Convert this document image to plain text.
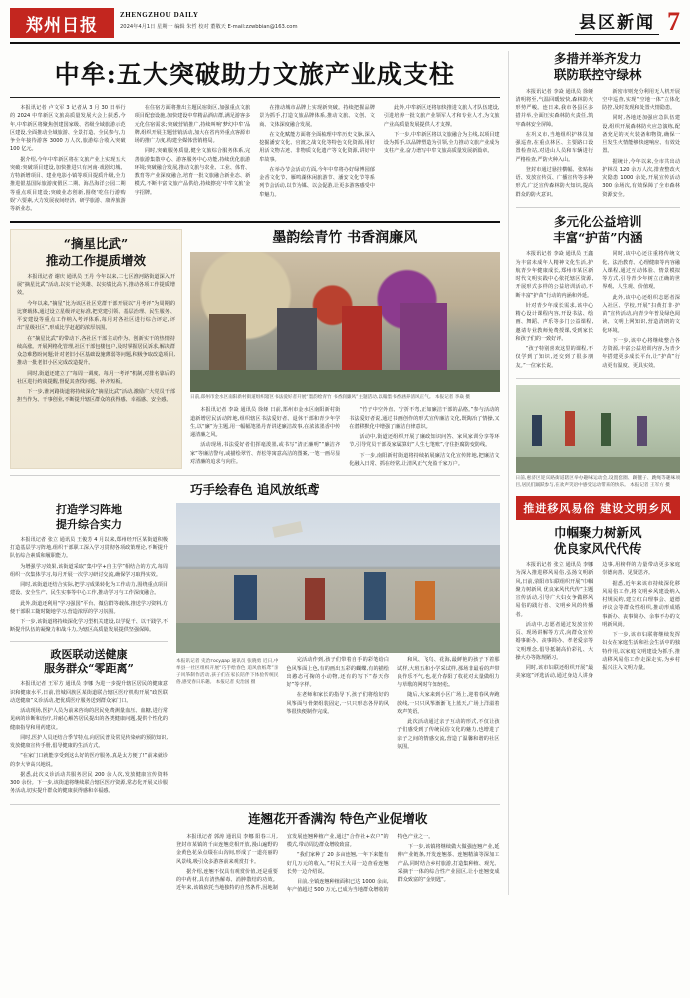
郑州日报
ZHENGZHOU DAILY
2024年4月1日 星期一 编辑 朱哲 校对 董敬天 E-mail:zzwbbian@163.com	县区新闻 7
中牟:五大突破助力文旅产业成支柱

本报讯记者 卢文军 3 记者从 3 月 30 日举行的 2024 中牟新区文旅高质量发展大会上获悉,今年,中牟新区将聚焦创建国家级、省级全域旅游示范区建设,全面推动全域旅游、全景打造、全民参与,力争全年接待游客 3000 万人次,旅游综合收入突破 100 亿元。

据介绍,今年中牟新区将在文旅产业上实现五大突破:突破项目建设,加快推进只有河南·戏剧幻城、方特新增项目、建业电影小镇等项目提质升级,全力推进银基国际旅游度假区二期、海昌海洋公园二期等重点项目建设;突破业态创新,围绕‘吃住行游购娱’六要素,大力发展夜间经济、研学旅游、康养旅游等新业态。

在住宿方面将推出主题民宿街区,加强重点文旅项目配套设施,加快建设中牟精品酒店群,满足游客多元化住宿需求;突破营销推广,持续叫响‘梦幻中牟’品牌,组织开展主题营销活动,加大在省内外重点客源市场的推广力度,构建全媒体营销格局。

同时,突破服务质量,健全文旅综合服务体系,完善旅游集散中心、游客服务中心功能,持续优化旅游环境;突破融合发展,推动文旅与农业、工业、体育、教育等产业深度融合,培育一批文旅融合新业态、新模式,不断丰富文旅产品供给,持续擦亮‘中牟文旅’金字招牌。

在推动城市品牌上实现新突破。持续把握品牌景为抓手,打造文旅品牌体系,推动文旅、文创、文商、文体深度融合发展。

在文化赋能方面将全面梳理中牟历史文脉,深入挖掘潘安文化、官渡之战文化等特色文化资源,用好用活文物古迹、非物质文化遗产等文化资源,讲好中牟故事。

在举办节会活动方面,今年中牟将办好绿博园郁金香文化节、雁鸣湖休闲旅游节、潘安文化节等系列节会活动,以节为媒、以会促游,让更多游客感受中牟魅力。

此外,中牟新区还将加快推进文旅人才队伍建设,引进培养一批文旅产业领军人才和专业人才,为文旅产业高质量发展提供人才支撑。

下一步,中牟新区将以文旅融合为主线,以项目建设为抓手,以品牌塑造为引领,全力推动文旅产业成为支柱产业,奋力谱写中牟文旅高质量发展新篇章。

“摘星比武”
推动工作提质增效

本报讯记者 谢庆 通讯员 王丹 今年以来,二七区淮河路街道深入开展“摘星比武”活动,以实干论英雄、以实绩比高下,推动各项工作提质增效。

今年以来,“摘星”比为该区社区党群干部开展以“月考评”为周期的比赛载体,通过设立星级评定标准,把党建引领、基层治理、民生服务、平安建设等重点工作纳入考评体系,每月对各社区进行综合评定,评出“星级社区”,形成比学赶超的浓厚氛围。

在“摘星比武”的带动下,各社区干部主动作为、创新实干的热情持续高涨。开展网格化管理,社区干部包楼包户,及时掌握居民诉求,解决群众急难愁盼问题;针对老旧小区基础设施薄弱等问题,积极争取改造项目,推动一批老旧小区完成改造提升。

同时,街道还建立了“每周一调度、每月一考评”机制,对排名靠后的社区进行约谈提醒,督促其查找问题、补齐短板。

下一步,淮河路街道将持续深化“摘星比武”活动,激励广大党员干部担当作为、干事创业,不断提升辖区群众的获得感、幸福感、安全感。

墨韵绘青竹 书香润廉风
日前,郑州市金水区南阳新村街道组织辖区书法爱好者开展“墨韵绘青竹 书香润廉风”主题活动,以翰墨书香涵养清风正气。 本报记者 李焱 摄

本报讯记者 李焱 通讯员 徐娅 日前,郑州市金水区南阳新村街道新增居民活动阵地,组织辖区书法爱好者、退休干部和青少年学生,以“廉”为主题,用一幅幅笔墨丹青讲述廉洁故事,在浓浓墨香中传递清廉之风。

活动现场,书法爱好者们挥毫泼墨,或书写“清正廉明”“廉洁齐家”等廉洁警句,或描绘翠竹、青松等寓意高洁的图案,一笔一画尽显对清廉的追求与向往。

“竹子中空外直、宁折不弯,正如廉洁干部的品格。”参与活动的书法爱好者说,通过书画创作的形式宣传廉洁文化,既陶冶了情操,又在潜移默化中增强了廉洁自律意识。

活动中,街道还组织开展了廉政知识问答、家风家训分享等环节,引导党员干部及家属算好“人生七笔账”,守住拒腐防变防线。

下一步,南阳新村街道将持续拓展廉洁文化宣传阵地,把廉洁文化融入日常、抓在经常,让清风正气充盈千家万户。

巧手绘春色 追风放纸鸢
打造学习阵地
提升综合实力

本报讯记者 张立 通讯员 王俊芳 4 月以来,郑州经开区某街道积极打造基层学习阵地,组织干部职工深入学习贯彻各项政策理论,不断提升队伍综合素质和履职能力。

为增强学习效果,该街道采取“集中学+自主学”相结合的方式,每周组织一次集体学习,每月开展一次学习研讨交流,确保学习取得实效。

同时,该街道还结合实际,把学习成果转化为工作动力,围绕重点项目建设、安全生产、民生实事等中心工作,推动学习与工作深度融合。

此外,街道还利用“学习强国”平台、微信群等载体,推送学习资料,方便干部职工随时随地学习,营造浓厚的学习氛围。

下一步,该街道将持续深化学习型机关建设,以学促干、以干践学,不断提升队伍的凝聚力和战斗力,为辖区高质量发展提供坚强保障。

政医联动送健康
服务群众“零距离”

本报讯记者 王军方 通讯员 李娜 为进一步提升辖区居民的健康意识和健康水平,日前,管城回族区某街道联合辖区医疗机构开展“政医联动送健康”义诊活动,把优质医疗服务送到群众家门口。

活动现场,医护人员为前来咨询的居民免费测量血压、血糖,进行常见病的诊断和治疗,并耐心解答居民提出的各类健康问题,提供个性化的健康指导和用药建议。

同时,医护人员还结合季节特点,向居民普及常见传染病的预防知识,发放健康宣传手册,倡导健康的生活方式。

“在家门口就能享受到这么好的医疗服务,真是太方便了!”前来就诊的李大爷高兴地说。

据悉,此次义诊活动共服务居民 200 余人次,发放健康宣传资料 300 余份。下一步,该街道将继续联合辖区医疗资源,常态化开展义诊服务活动,切实提升群众的健康获得感和幸福感。

本报讯记者 史治государ 通讯员 张晓勇 近日,中牟县一社区组织开展“巧手绘春色 追风放纸鸢”亲子风筝制作活动,孩子们在家长陪伴下体验传统民俗,感受春日乐趣。 本报记者 史治国 摄

完活动作到,孩子们带着自手的彩笔给白色风筝面上色,有的画出五彩的蝴蝶,有的描绘出憨态可掬的小动物,还有的写下“春天你好”等字样。

在老师和家长的指导下,孩子们将绘好的风筝面与骨架组装固定,一只只形态各异的风筝很快便制作完成。

和风、飞鸟、花海,最鲜艳的孩子下着那试样,大班五和小学采试样,那场非最看的声带良作乐不气,也,花介春阳了枚花对太量做组力与草歌的网时午知轻松。

随后,大家来到小区广场上,迎着春风奔跑放线,一只只风筝渐渐飞上蓝天,广场上洋溢着欢声笑语。

此次活动通过亲子互动的形式,不仅让孩子们感受到了传统民俗文化的魅力,也增进了亲子之间的情感交流,营造了温馨和谐的社区氛围。

连翘花开香满沟 特色产业促增收

本报讯记者 郭涛 通讯员 李娜 阳春三月,登封市某镇的千亩连翘竞相开放,漫山遍野的金黄色花朵点缀在山沟间,形成了一道亮丽的风景线,吸引众多游客前来观赏打卡。

据介绍,连翘不仅具有观赏价值,还是重要的中药材,具有清热解毒、消肿散结的功效。近年来,该镇依托当地独特的自然条件,因地制宜发展连翘种植产业,通过“合作社+农户”的模式,带动周边群众增收致富。

“我们家种了 20 多亩连翘,一年下来能有好几万元的收入。”村民王大哥一边查看连翘长势一边介绍说。

目前,全镇连翘种植面积已达 1000 余亩,年产值超过 500 万元,已成为当地群众增收的特色产业之一。

下一步,该镇将继续做大做强连翘产业,延伸产业链条,开发连翘茶、连翘精油等深加工产品,同时结合乡村旅游,打造集种植、观光、采摘于一体的综合性产业园区,让小连翘变成群众致富的“金钥匙”。

多措并举齐发力
联防联控守绿林

本报讯记者 李焱 通讯员 徐娅 清明将至,气温回暖较快,森林防火形势严峻。连日来,我市各县区多措并举,全面压实森林防火责任,筑牢森林安全屏障。

在巩义市,当地组织护林员加强巡查,在重点林区、主要路口设置检查站,对进山人员和车辆进行严格检查,严防火种入山。

登封市通过悬挂横幅、张贴标语、发放宣传页、广播宣传等多种形式,广泛宣传森林防火知识,提高群众的防火意识。

新密市则充分利用无人机开展空中巡查,实现“空地一体”立体化防控,及时发现和处置火情隐患。

同时,各地还加强应急队伍建设,组织开展森林防火应急演练,配备充足的灭火装备和物资,确保一旦发生火情能够快速响应、有效处置。

据统计,今年以来,全市共出动护林员 120 余万人次,排查整改火灾隐患 1000 余处,开展宣传活动 300 余场次,有效保障了全市森林资源安全。

多元化公益培训
丰富“护苗”内涵

本报讯记者 李焱 通讯员 王鑫 为丰富未成年人精神文化生活,护航青少年健康成长,郑州市某区新时代文明实践中心依托辖区资源,开展形式多样的公益培训活动,不断丰富“护苗”行动的内涵和外延。

针对青少年成长需求,该中心精心设计课程内容,开设书法、绘画、舞蹈、声乐等多门公益课程,邀请专业教师免费授课,受到家长和孩子们的一致好评。

“孩子特别喜欢这里的课程,不仅学到了知识,还交到了很多朋友。”一位家长说。

同时,该中心还注重将传统文化、法治教育、心理健康等内容融入课程,通过互动体验、情景模拟等方式,引导青少年树立正确的世界观、人生观、价值观。

此外,该中心还组织志愿者深入社区、学校,开展“扫黄打非·护苗”宣传活动,向青少年普及绿色阅读、文明上网知识,营造清朗的文化环境。

下一步,该中心将继续整合各方资源,丰富公益培训内容,为青少年搭建更多成长平台,让“护苗”行动更有温度、更具实效。

日前,惠济区迎宾路街道辖区举办趣味运动会,设置套圈、踢毽子、跳绳等趣味项目,居民们踊跃参与,在欢声笑语中感受运动带来的快乐。 本报记者 王军方 摄
推进移风易俗 建设文明乡风
巾帼聚力树新风
优良家风代代传

本报讯记者 张立 通讯员 李娜 为深入推进移风易俗,弘扬文明新风,日前,荥阳市妇联组织开展“巾帼聚力树新风 优良家风代代传”主题宣传活动,引导广大妇女争做移风易俗的践行者、文明乡风的传播者。

活动中,志愿者通过发放宣传页、现场讲解等方式,向群众宣传婚事新办、丧事简办、孝老爱亲等文明理念,倡导抵制高价彩礼、大操大办等陈规陋习。

同时,该市妇联还组织开展“最美家庭”评选活动,通过身边人讲身边事,用榜样的力量带动更多家庭崇德向善、见贤思齐。

据悉,近年来该市持续深化移风易俗工作,将文明乡风建设纳入村规民约,建立红白理事会、道德评议会等群众性组织,推动形成婚事新办、丧事简办、余事不办的文明新风尚。

下一步,该市妇联将继续发挥妇女在家庭生活和社会生活中的独特作用,以家庭文明建设为抓手,推动移风易俗工作走深走实,为乡村振兴注入文明力量。
